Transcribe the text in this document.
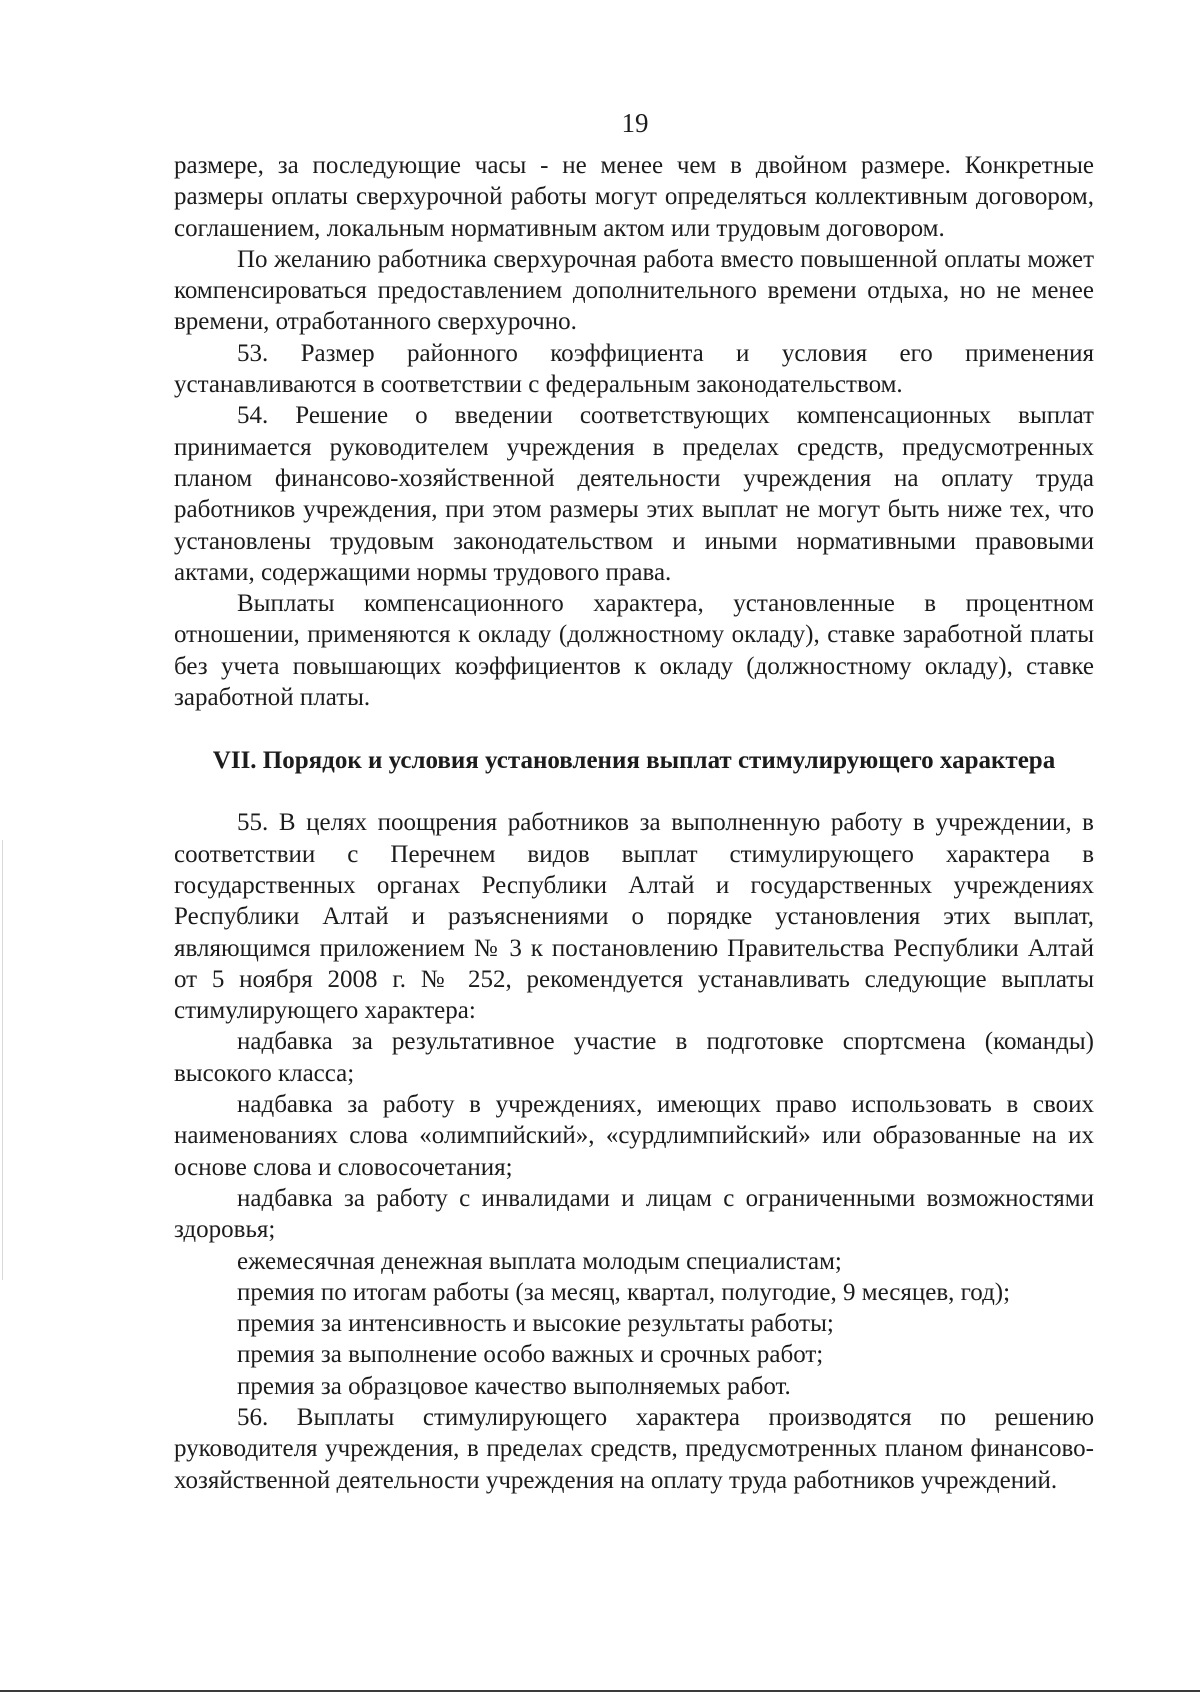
19

размере, за последующие часы - не менее чем в двойном размере. Конкретные размеры оплаты сверхурочной работы могут определяться коллективным договором, соглашением, локальным нормативным актом или трудовым договором.

По желанию работника сверхурочная работа вместо повышенной оплаты может компенсироваться предоставлением дополнительного времени отдыха, но не менее времени, отработанного сверхурочно.

53. Размер районного коэффициента и условия его применения устанавливаются в соответствии с федеральным законодательством.

54. Решение о введении соответствующих компенсационных выплат принимается руководителем учреждения в пределах средств, предусмотренных планом финансово-хозяйственной деятельности учреждения на оплату труда работников учреждения, при этом размеры этих выплат не могут быть ниже тех, что установлены трудовым законодательством и иными нормативными правовыми актами, содержащими нормы трудового права.

Выплаты компенсационного характера, установленные в процентном отношении, применяются к окладу (должностному окладу), ставке заработной платы без учета повышающих коэффициентов к окладу (должностному окладу), ставке заработной платы.

VII. Порядок и условия установления выплат стимулирующего характера

55. В целях поощрения работников за выполненную работу в учреждении, в соответствии с Перечнем видов выплат стимулирующего характера в государственных органах Республики Алтай и государственных учреждениях Республики Алтай и разъяснениями о порядке установления этих выплат, являющимся приложением № 3 к постановлению Правительства Республики Алтай от 5 ноября 2008 г. № 252, рекомендуется устанавливать следующие выплаты стимулирующего характера:

надбавка за результативное участие в подготовке спортсмена (команды) высокого класса;

надбавка за работу в учреждениях, имеющих право использовать в своих наименованиях слова «олимпийский», «сурдлимпийский» или образованные на их основе слова и словосочетания;

надбавка за работу с инвалидами и лицам с ограниченными возможностями здоровья;

ежемесячная денежная выплата молодым специалистам;

премия по итогам работы (за месяц, квартал, полугодие, 9 месяцев, год);

премия за интенсивность и высокие результаты работы;

премия за выполнение особо важных и срочных работ;

премия за образцовое качество выполняемых работ.

56. Выплаты стимулирующего характера производятся по решению руководителя учреждения, в пределах средств, предусмотренных планом финансово-хозяйственной деятельности учреждения на оплату труда работников учреждений.
